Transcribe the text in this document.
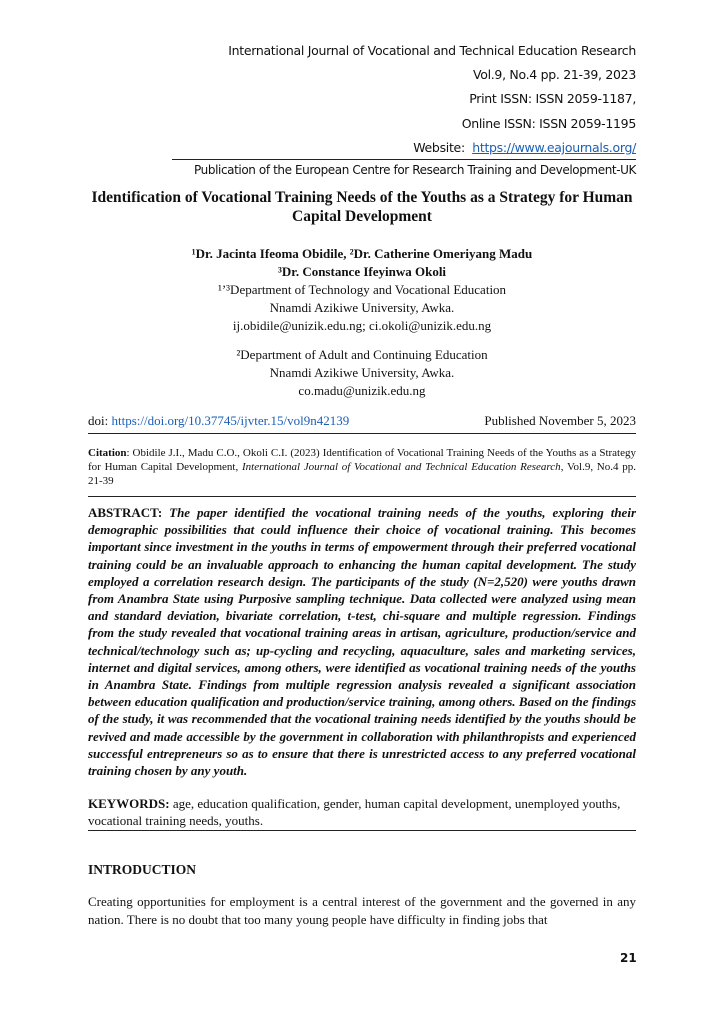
International Journal of Vocational and Technical Education Research
Vol.9, No.4 pp. 21-39, 2023
Print ISSN: ISSN 2059-1187,
Online ISSN: ISSN 2059-1195
Website: https://www.eajournals.org/
Publication of the European Centre for Research Training and Development-UK
Identification of Vocational Training Needs of the Youths as a Strategy for Human Capital Development
¹Dr. Jacinta Ifeoma Obidile, ²Dr. Catherine Omeriyang Madu
³Dr. Constance Ifeyinwa Okoli
¹ʼ³Department of Technology and Vocational Education
Nnamdi Azikiwe University, Awka.
ij.obidile@unizik.edu.ng; ci.okoli@unizik.edu.ng
²Department of Adult and Continuing Education
Nnamdi Azikiwe University, Awka.
co.madu@unizik.edu.ng
doi: https://doi.org/10.37745/ijvter.15/vol9n42139	Published November 5, 2023
Citation: Obidile J.I., Madu C.O., Okoli C.I. (2023) Identification of Vocational Training Needs of the Youths as a Strategy for Human Capital Development, International Journal of Vocational and Technical Education Research, Vol.9, No.4 pp. 21-39
ABSTRACT: The paper identified the vocational training needs of the youths, exploring their demographic possibilities that could influence their choice of vocational training. This becomes important since investment in the youths in terms of empowerment through their preferred vocational training could be an invaluable approach to enhancing the human capital development. The study employed a correlation research design. The participants of the study (N=2,520) were youths drawn from Anambra State using Purposive sampling technique. Data collected were analyzed using mean and standard deviation, bivariate correlation, t-test, chi-square and multiple regression. Findings from the study revealed that vocational training areas in artisan, agriculture, production/service and technical/technology such as; up-cycling and recycling, aquaculture, sales and marketing services, internet and digital services, among others, were identified as vocational training needs of the youths in Anambra State. Findings from multiple regression analysis revealed a significant association between education qualification and production/service training, among others. Based on the findings of the study, it was recommended that the vocational training needs identified by the youths should be revived and made accessible by the government in collaboration with philanthropists and experienced successful entrepreneurs so as to ensure that there is unrestricted access to any preferred vocational training chosen by any youth.
KEYWORDS: age, education qualification, gender, human capital development, unemployed youths, vocational training needs, youths.
INTRODUCTION
Creating opportunities for employment is a central interest of the government and the governed in any nation. There is no doubt that too many young people have difficulty in finding jobs that
21
